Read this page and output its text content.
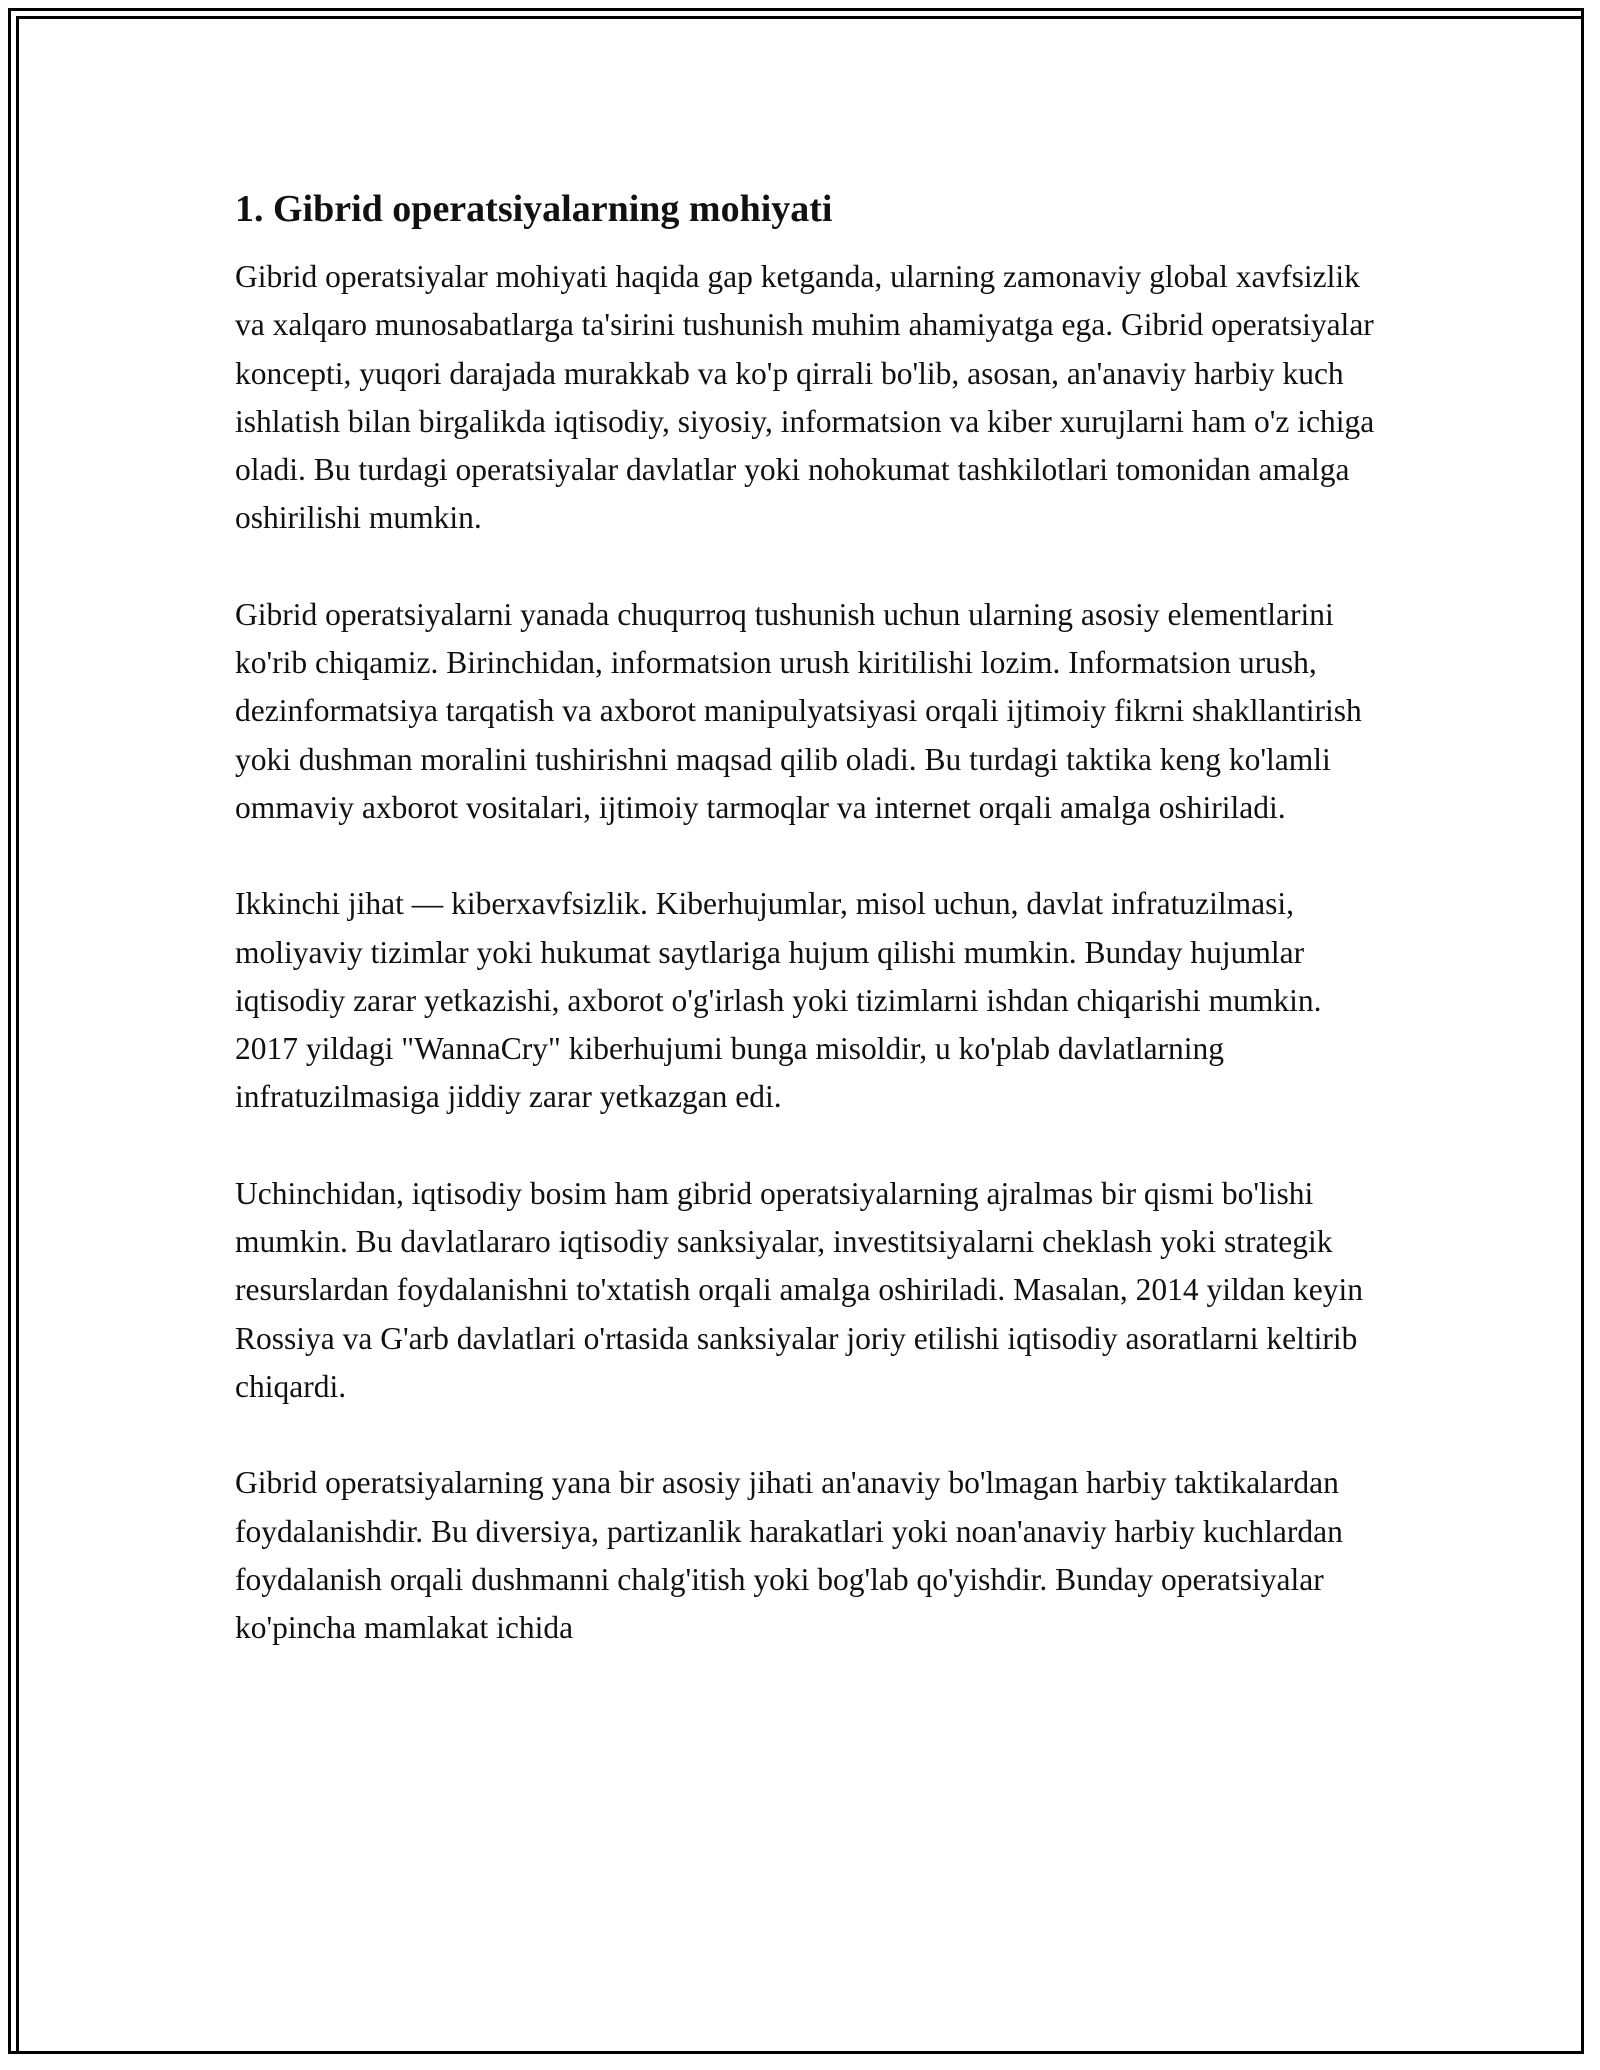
1. Gibrid operatsiyalarning mohiyati

Gibrid operatsiyalar mohiyati haqida gap ketganda, ularning zamonaviy global xavfsizlik va xalqaro munosabatlarga ta'sirini tushunish muhim ahamiyatga ega. Gibrid operatsiyalar koncepti, yuqori darajada murakkab va ko'p qirrali bo'lib, asosan, an'anaviy harbiy kuch ishlatish bilan birgalikda iqtisodiy, siyosiy, informatsion va kiber xurujlarni ham o'z ichiga oladi. Bu turdagi operatsiyalar davlatlar yoki nohokumat tashkilotlari tomonidan amalga oshirilishi mumkin.

Gibrid operatsiyalarni yanada chuqurroq tushunish uchun ularning asosiy elementlarini ko'rib chiqamiz. Birinchidan, informatsion urush kiritilishi lozim. Informatsion urush, dezinformatsiya tarqatish va axborot manipulyatsiyasi orqali ijtimoiy fikrni shakllantirish yoki dushman moralini tushirishni maqsad qilib oladi. Bu turdagi taktika keng ko'lamli ommaviy axborot vositalari, ijtimoiy tarmoqlar va internet orqali amalga oshiriladi.

Ikkinchi jihat — kiberxavfsizlik. Kiberhujumlar, misol uchun, davlat infratuzilmasi, moliyaviy tizimlar yoki hukumat saytlariga hujum qilishi mumkin. Bunday hujumlar iqtisodiy zarar yetkazishi, axborot o'g'irlash yoki tizimlarni ishdan chiqarishi mumkin. 2017 yildagi "WannaCry" kiberhujumi bunga misoldir, u ko'plab davlatlarning infratuzilmasiga jiddiy zarar yetkazgan edi.

Uchinchidan, iqtisodiy bosim ham gibrid operatsiyalarning ajralmas bir qismi bo'lishi mumkin. Bu davlatlararo iqtisodiy sanksiyalar, investitsiyalarni cheklash yoki strategik resurslardan foydalanishni to'xtatish orqali amalga oshiriladi. Masalan, 2014 yildan keyin Rossiya va G'arb davlatlari o'rtasida sanksiyalar joriy etilishi iqtisodiy asoratlarni keltirib chiqardi.

Gibrid operatsiyalarning yana bir asosiy jihati an'anaviy bo'lmagan harbiy taktikalardan foydalanishdir. Bu diversiya, partizanlik harakatlari yoki noan'anaviy harbiy kuchlardan foydalanish orqali dushmanni chalg'itish yoki bog'lab qo'yishdir. Bunday operatsiyalar ko'pincha mamlakat ichida
